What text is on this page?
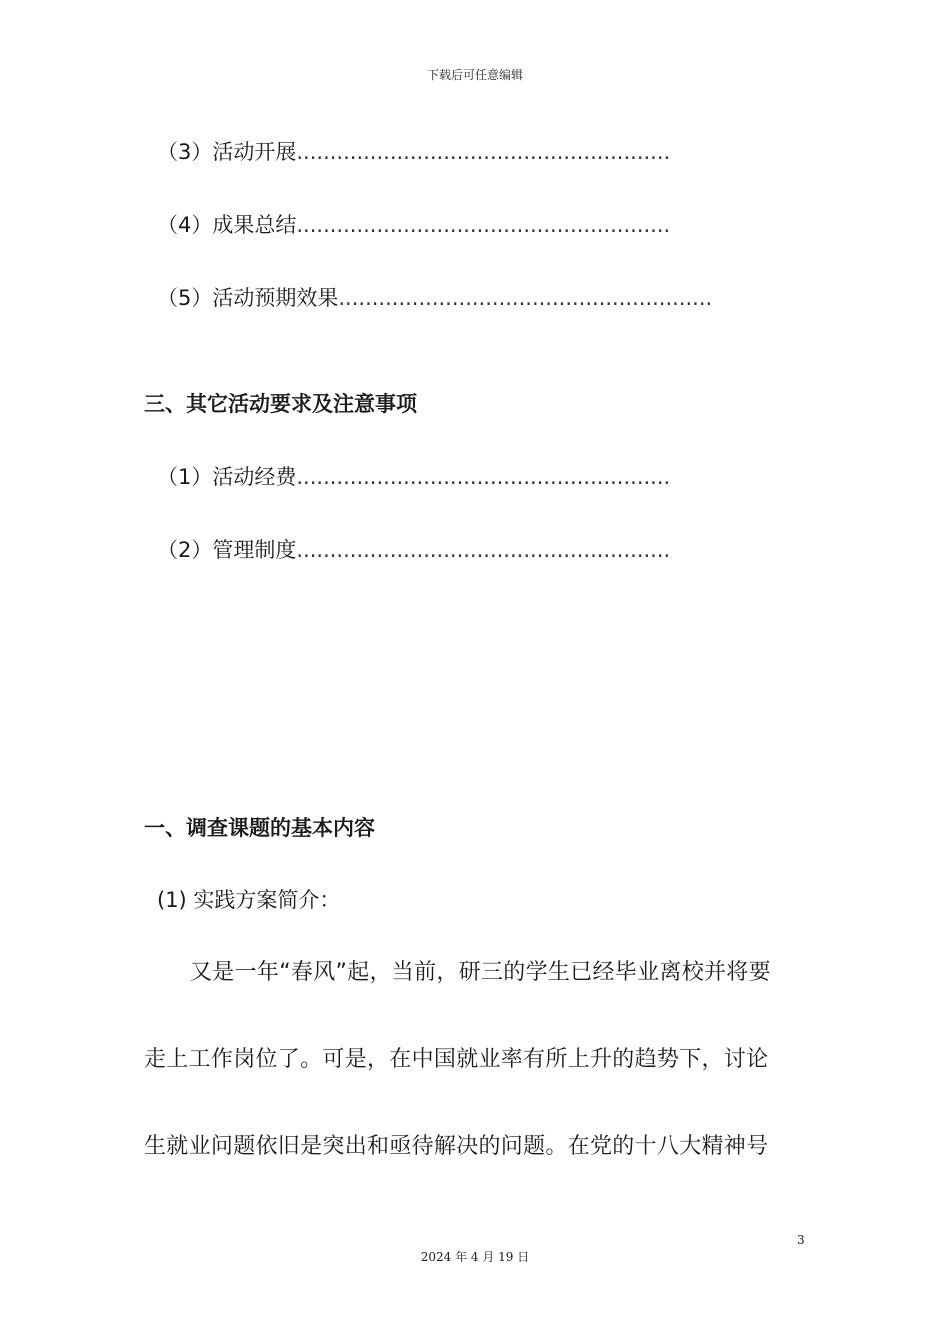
下载后可任意编辑
（3）活动开展........................................................
（4）成果总结........................................................
（5）活动预期效果........................................................
三、其它活动要求及注意事项
（1）活动经费........................................................
（2）管理制度........................................................
一、调查课题的基本内容
(1) 实践方案简介：
又是一年“春风”起，当前，研三的学生已经毕业离校并将要
走上工作岗位了。可是，在中国就业率有所上升的趋势下，讨论
生就业问题依旧是突出和亟待解决的问题。在党的十八大精神号
3
2024 年 4 月 19 日
